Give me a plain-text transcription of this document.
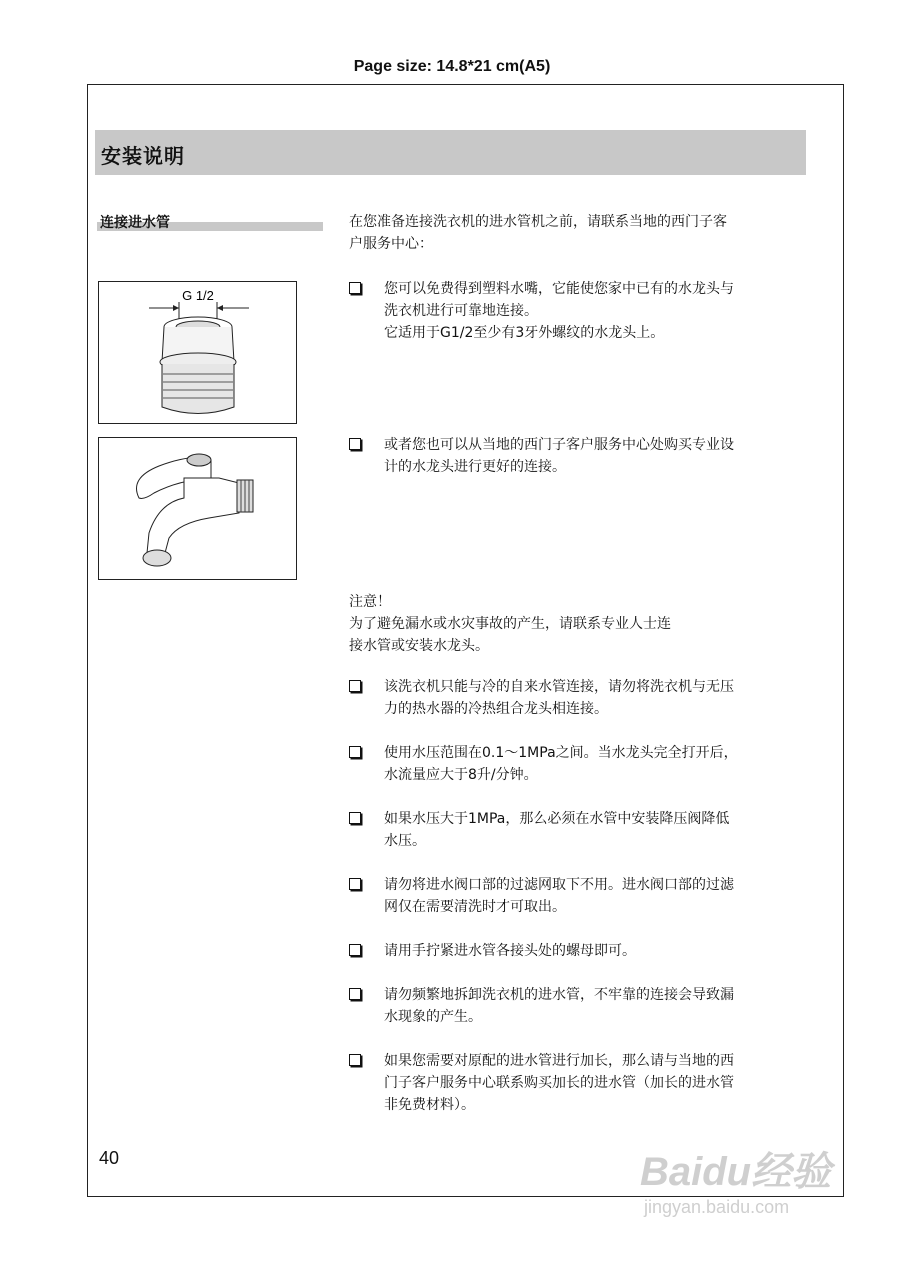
Page size: 14.8*21 cm(A5)
安装说明
连接进水管
G 1/2
在您准备连接洗衣机的进水管机之前，请联系当地的西门子客
户服务中心：
您可以免费得到塑料水嘴，它能使您家中已有的水龙头与
洗衣机进行可靠地连接。
它适用于G1/2至少有3牙外螺纹的水龙头上。
或者您也可以从当地的西门子客户服务中心处购买专业设
计的水龙头进行更好的连接。
注意！
为了避免漏水或水灾事故的产生，请联系专业人士连
接水管或安装水龙头。
该洗衣机只能与冷的自来水管连接，请勿将洗衣机与无压
力的热水器的冷热组合龙头相连接。
使用水压范围在0.1～1MPa之间。当水龙头完全打开后，
水流量应大于8升/分钟。
如果水压大于1MPa，那么必须在水管中安装降压阀降低
水压。
请勿将进水阀口部的过滤网取下不用。进水阀口部的过滤
网仅在需要清洗时才可取出。
请用手拧紧进水管各接头处的螺母即可。
请勿频繁地拆卸洗衣机的进水管，不牢靠的连接会导致漏
水现象的产生。
如果您需要对原配的进水管进行加长，那么请与当地的西
门子客户服务中心联系购买加长的进水管（加长的进水管
非免费材料）。
40	Baidu经验
jingyan.baidu.com
